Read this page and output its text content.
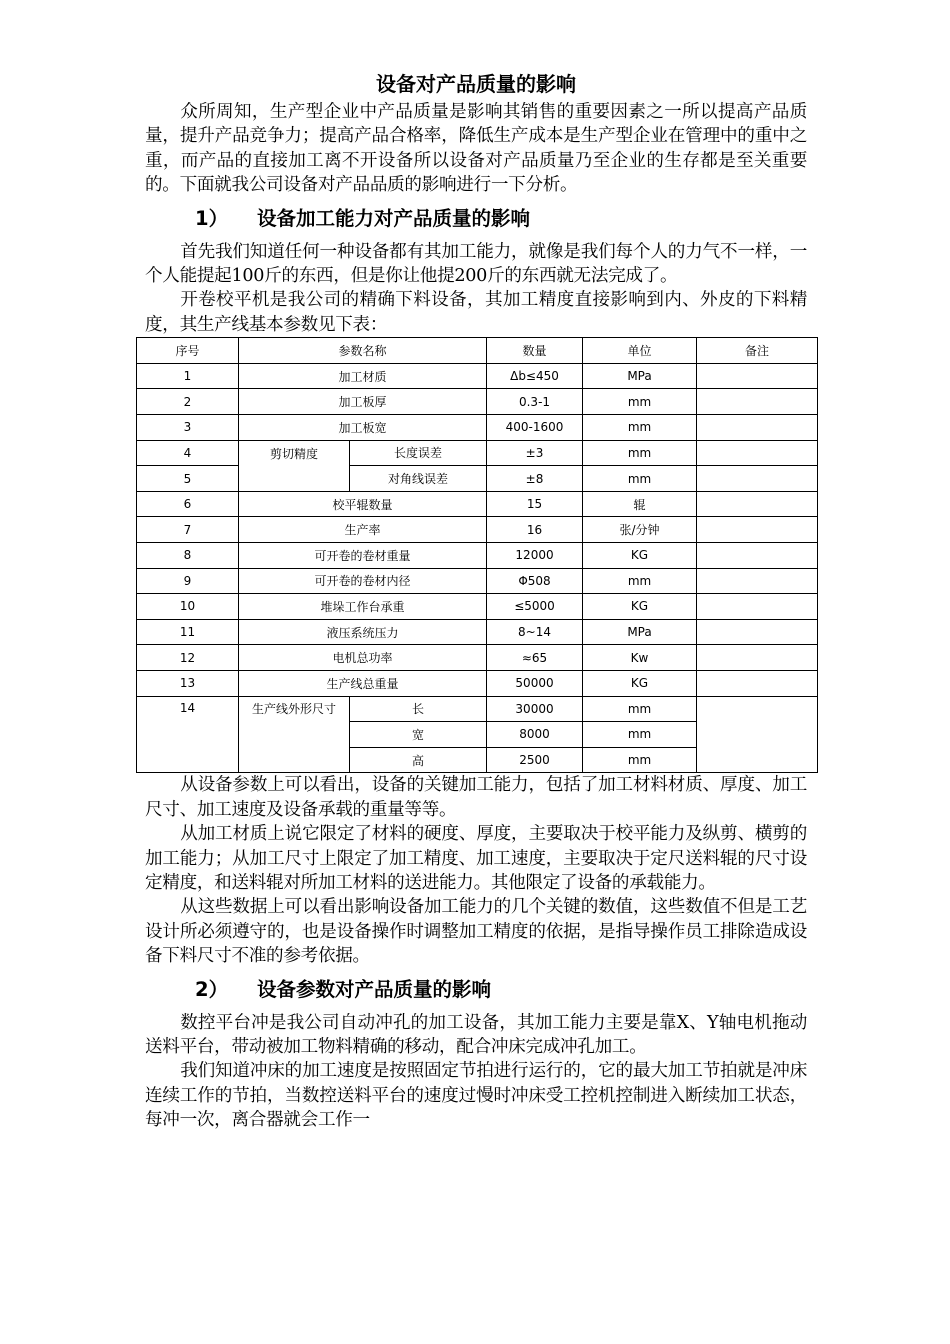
设备对产品质量的影响

众所周知，生产型企业中产品质量是影响其销售的重要因素之一所以提高产品质量，提升产品竞争力；提高产品合格率，降低生产成本是生产型企业在管理中的重中之重，而产品的直接加工离不开设备所以设备对产品质量乃至企业的生存都是至关重要的。下面就我公司设备对产品品质的影响进行一下分析。

1） 设备加工能力对产品质量的影响

首先我们知道任何一种设备都有其加工能力，就像是我们每个人的力气不一样，一个人能提起100斤的东西，但是你让他提200斤的东西就无法完成了。

开卷校平机是我公司的精确下料设备，其加工精度直接影响到内、外皮的下料精度，其生产线基本参数见下表：

序号	参数名称		数量	单位	备注
1	加工材质		Δb≤450	MPa	
2	加工板厚		0.3-1	mm	
3	加工板宽		400-1600	mm	
4	剪切精度	长度误差	±3	mm	
5		对角线误差	±8	mm	
6	校平辊数量		15	辊	
7	生产率		16	张/分钟	
8	可开卷的卷材重量		12000	KG	
9	可开卷的卷材内径		Φ508	mm	
10	堆垛工作台承重		≤5000	KG	
11	液压系统压力		8~14	MPa	
12	电机总功率		≈65	Kw	
13	生产线总重量		50000	KG	
14	生产线外形尺寸	长	30000	mm	
		宽	8000	mm	
		高	2500	mm	

从设备参数上可以看出，设备的关键加工能力，包括了加工材料材质、厚度、加工尺寸、加工速度及设备承载的重量等等。

从加工材质上说它限定了材料的硬度、厚度，主要取决于校平能力及纵剪、横剪的加工能力；从加工尺寸上限定了加工精度、加工速度，主要取决于定尺送料辊的尺寸设定精度，和送料辊对所加工材料的送进能力。其他限定了设备的承载能力。

从这些数据上可以看出影响设备加工能力的几个关键的数值，这些数值不但是工艺设计所必须遵守的，也是设备操作时调整加工精度的依据，是指导操作员工排除造成设备下料尺寸不准的参考依据。

2） 设备参数对产品质量的影响

数控平台冲是我公司自动冲孔的加工设备，其加工能力主要是靠X、Y轴电机拖动送料平台，带动被加工物料精确的移动，配合冲床完成冲孔加工。

我们知道冲床的加工速度是按照固定节拍进行运行的，它的最大加工节拍就是冲床连续工作的节拍，当数控送料平台的速度过慢时冲床受工控机控制进入断续加工状态，每冲一次，离合器就会工作一
